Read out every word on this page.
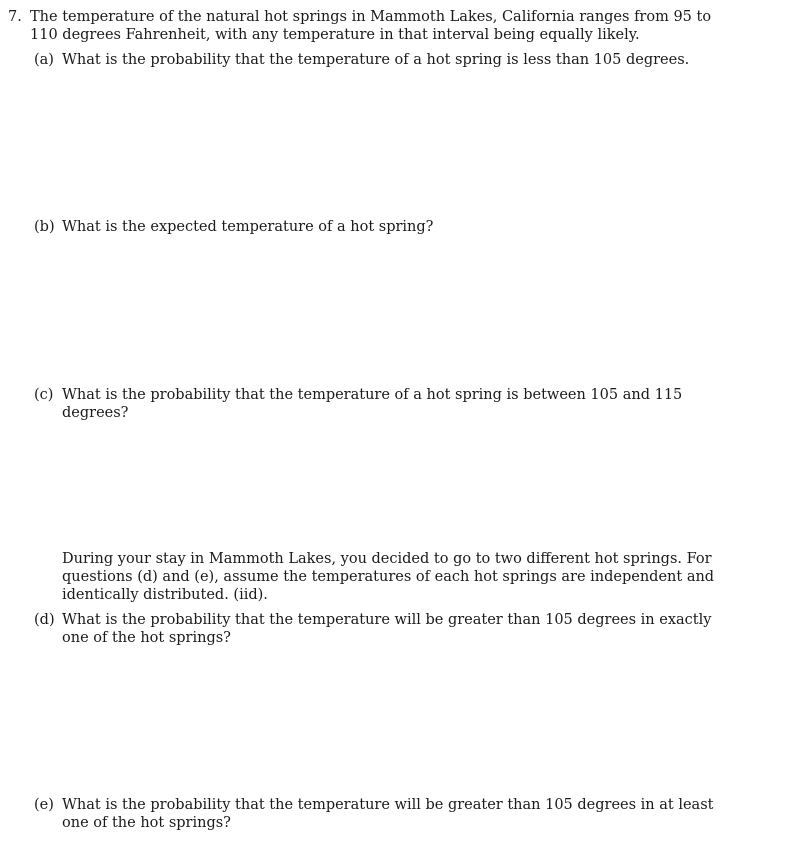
7. The temperature of the natural hot springs in Mammoth Lakes, California ranges from 95 to 110 degrees Fahrenheit, with any temperature in that interval being equally likely.
(a) What is the probability that the temperature of a hot spring is less than 105 degrees.
(b) What is the expected temperature of a hot spring?
(c) What is the probability that the temperature of a hot spring is between 105 and 115 degrees?
During your stay in Mammoth Lakes, you decided to go to two different hot springs. For questions (d) and (e), assume the temperatures of each hot springs are independent and identically distributed. (iid).
(d) What is the probability that the temperature will be greater than 105 degrees in exactly one of the hot springs?
(e) What is the probability that the temperature will be greater than 105 degrees in at least one of the hot springs?
